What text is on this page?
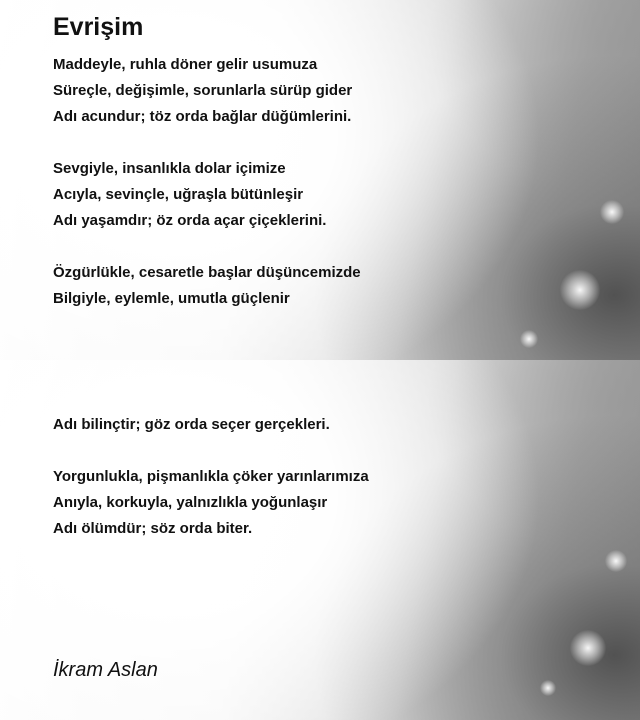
Evrişim
Maddeyle, ruhla döner gelir usumuza
Süreçle, değişimle, sorunlarla sürüp gider
Adı acundur; töz orda bağlar düğümlerini.
Sevgiyle, insanlıkla dolar içimize
Acıyla, sevinçle, uğraşla bütünleşir
Adı yaşamdır; öz orda açar çiçeklerini.
Özgürlükle, cesaretle başlar düşüncemizde
Bilgiyle, eylemle, umutla güçlenir
Adı bilinçtir; göz orda seçer gerçekleri.
Yorgunlukla, pişmanlıkla çöker yarınlarımıza
Anıyla, korkuyla, yalnızlıkla yoğunlaşır
Adı ölümdür; söz orda biter.
İkram Aslan
